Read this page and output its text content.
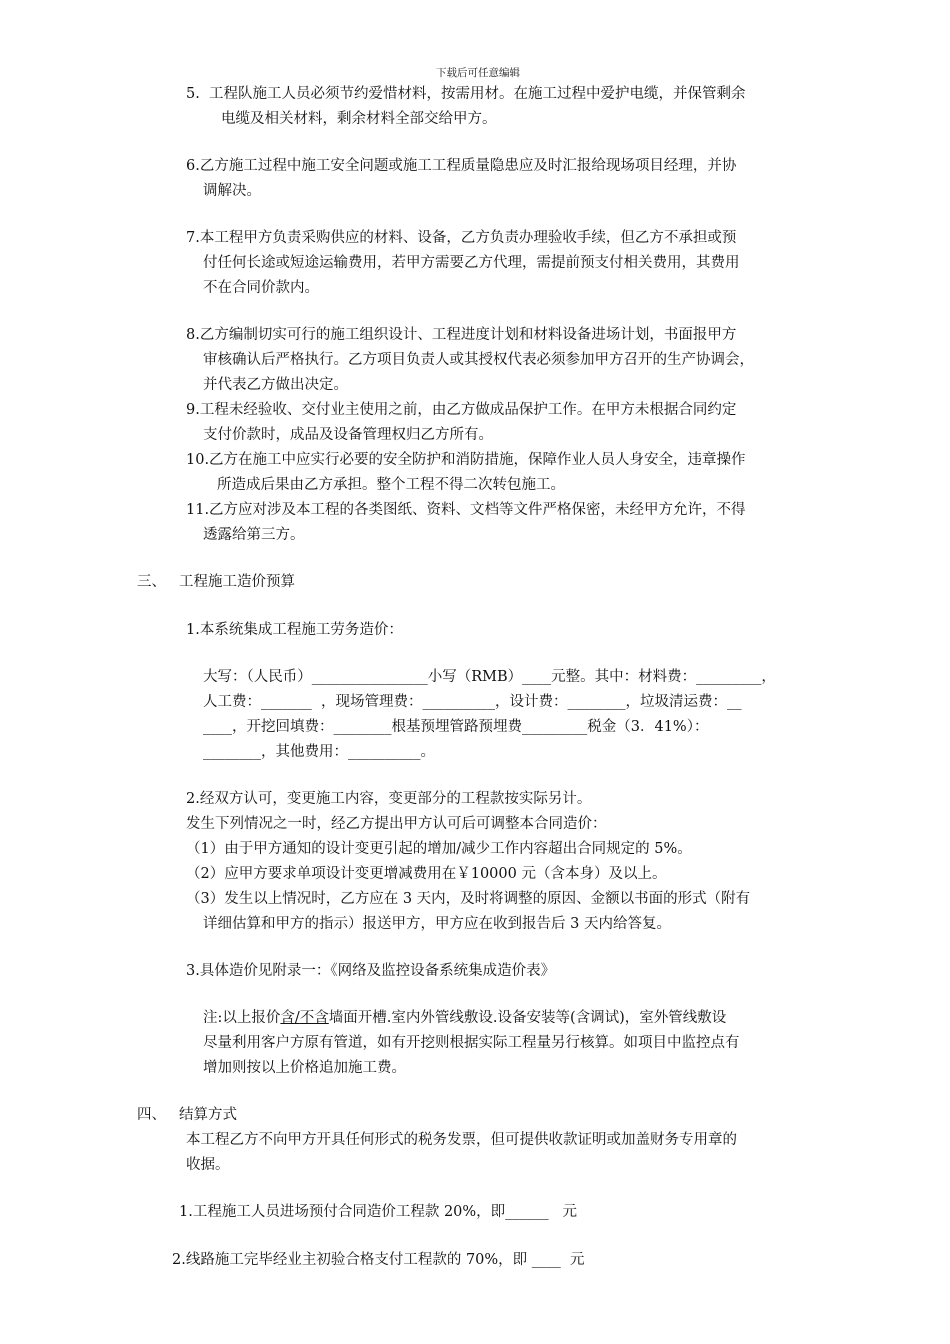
下载后可任意编辑
5.  工程队施工人员必须节约爱惜材料，按需用材。在施工过程中爱护电缆，并保管剩余
电缆及相关材料，剩余材料全部交给甲方。
6.乙方施工过程中施工安全问题或施工工程质量隐患应及时汇报给现场项目经理，并协
调解决。
7.本工程甲方负责采购供应的材料、设备，乙方负责办理验收手续，但乙方不承担或预
付任何长途或短途运输费用，若甲方需要乙方代理，需提前预支付相关费用，其费用
不在合同价款内。
8.乙方编制切实可行的施工组织设计、工程进度计划和材料设备进场计划，书面报甲方
审核确认后严格执行。乙方项目负责人或其授权代表必须参加甲方召开的生产协调会，
并代表乙方做出决定。
9.工程未经验收、交付业主使用之前，由乙方做成品保护工作。在甲方未根据合同约定
支付价款时，成品及设备管理权归乙方所有。
10.乙方在施工中应实行必要的安全防护和消防措施，保障作业人员人身安全，违章操作
所造成后果由乙方承担。整个工程不得二次转包施工。
11.乙方应对涉及本工程的各类图纸、资料、文档等文件严格保密，未经甲方允许，不得
透露给第三方。
三、 工程施工造价预算
1.本系统集成工程施工劳务造价：
大写：（人民币）________________小写（RMB）____元整。其中：材料费：_________，
人工费：_______  ，现场管理费：__________，设计费：________，垃圾清运费：__
____，开挖回填费：________根基预埋管路预埋费_________税金（3．41%）：
________，其他费用：__________。
2.经双方认可，变更施工内容，变更部分的工程款按实际另计。
发生下列情况之一时，经乙方提出甲方认可后可调整本合同造价：
（1）由于甲方通知的设计变更引起的增加/减少工作内容超出合同规定的 5%。
（2）应甲方要求单项设计变更增减费用在￥10000 元（含本身）及以上。
（3）发生以上情况时，乙方应在 3 天内，及时将调整的原因、金额以书面的形式（附有
详细估算和甲方的指示）报送甲方，甲方应在收到报告后 3 天内给答复。
3.具体造价见附录一：《网络及监控设备系统集成造价表》
注:以上报价含/不含墙面开槽.室内外管线敷设.设备安装等(含调试)，室外管线敷设
尽量利用客户方原有管道，如有开挖则根据实际工程量另行核算。如项目中监控点有
增加则按以上价格追加施工费。
四、 结算方式
本工程乙方不向甲方开具任何形式的税务发票，但可提供收款证明或加盖财务专用章的
收据。
1.工程施工人员进场预付合同造价工程款 20%，即______   元
2.线路施工完毕经业主初验合格支付工程款的 70%，即 ____  元
